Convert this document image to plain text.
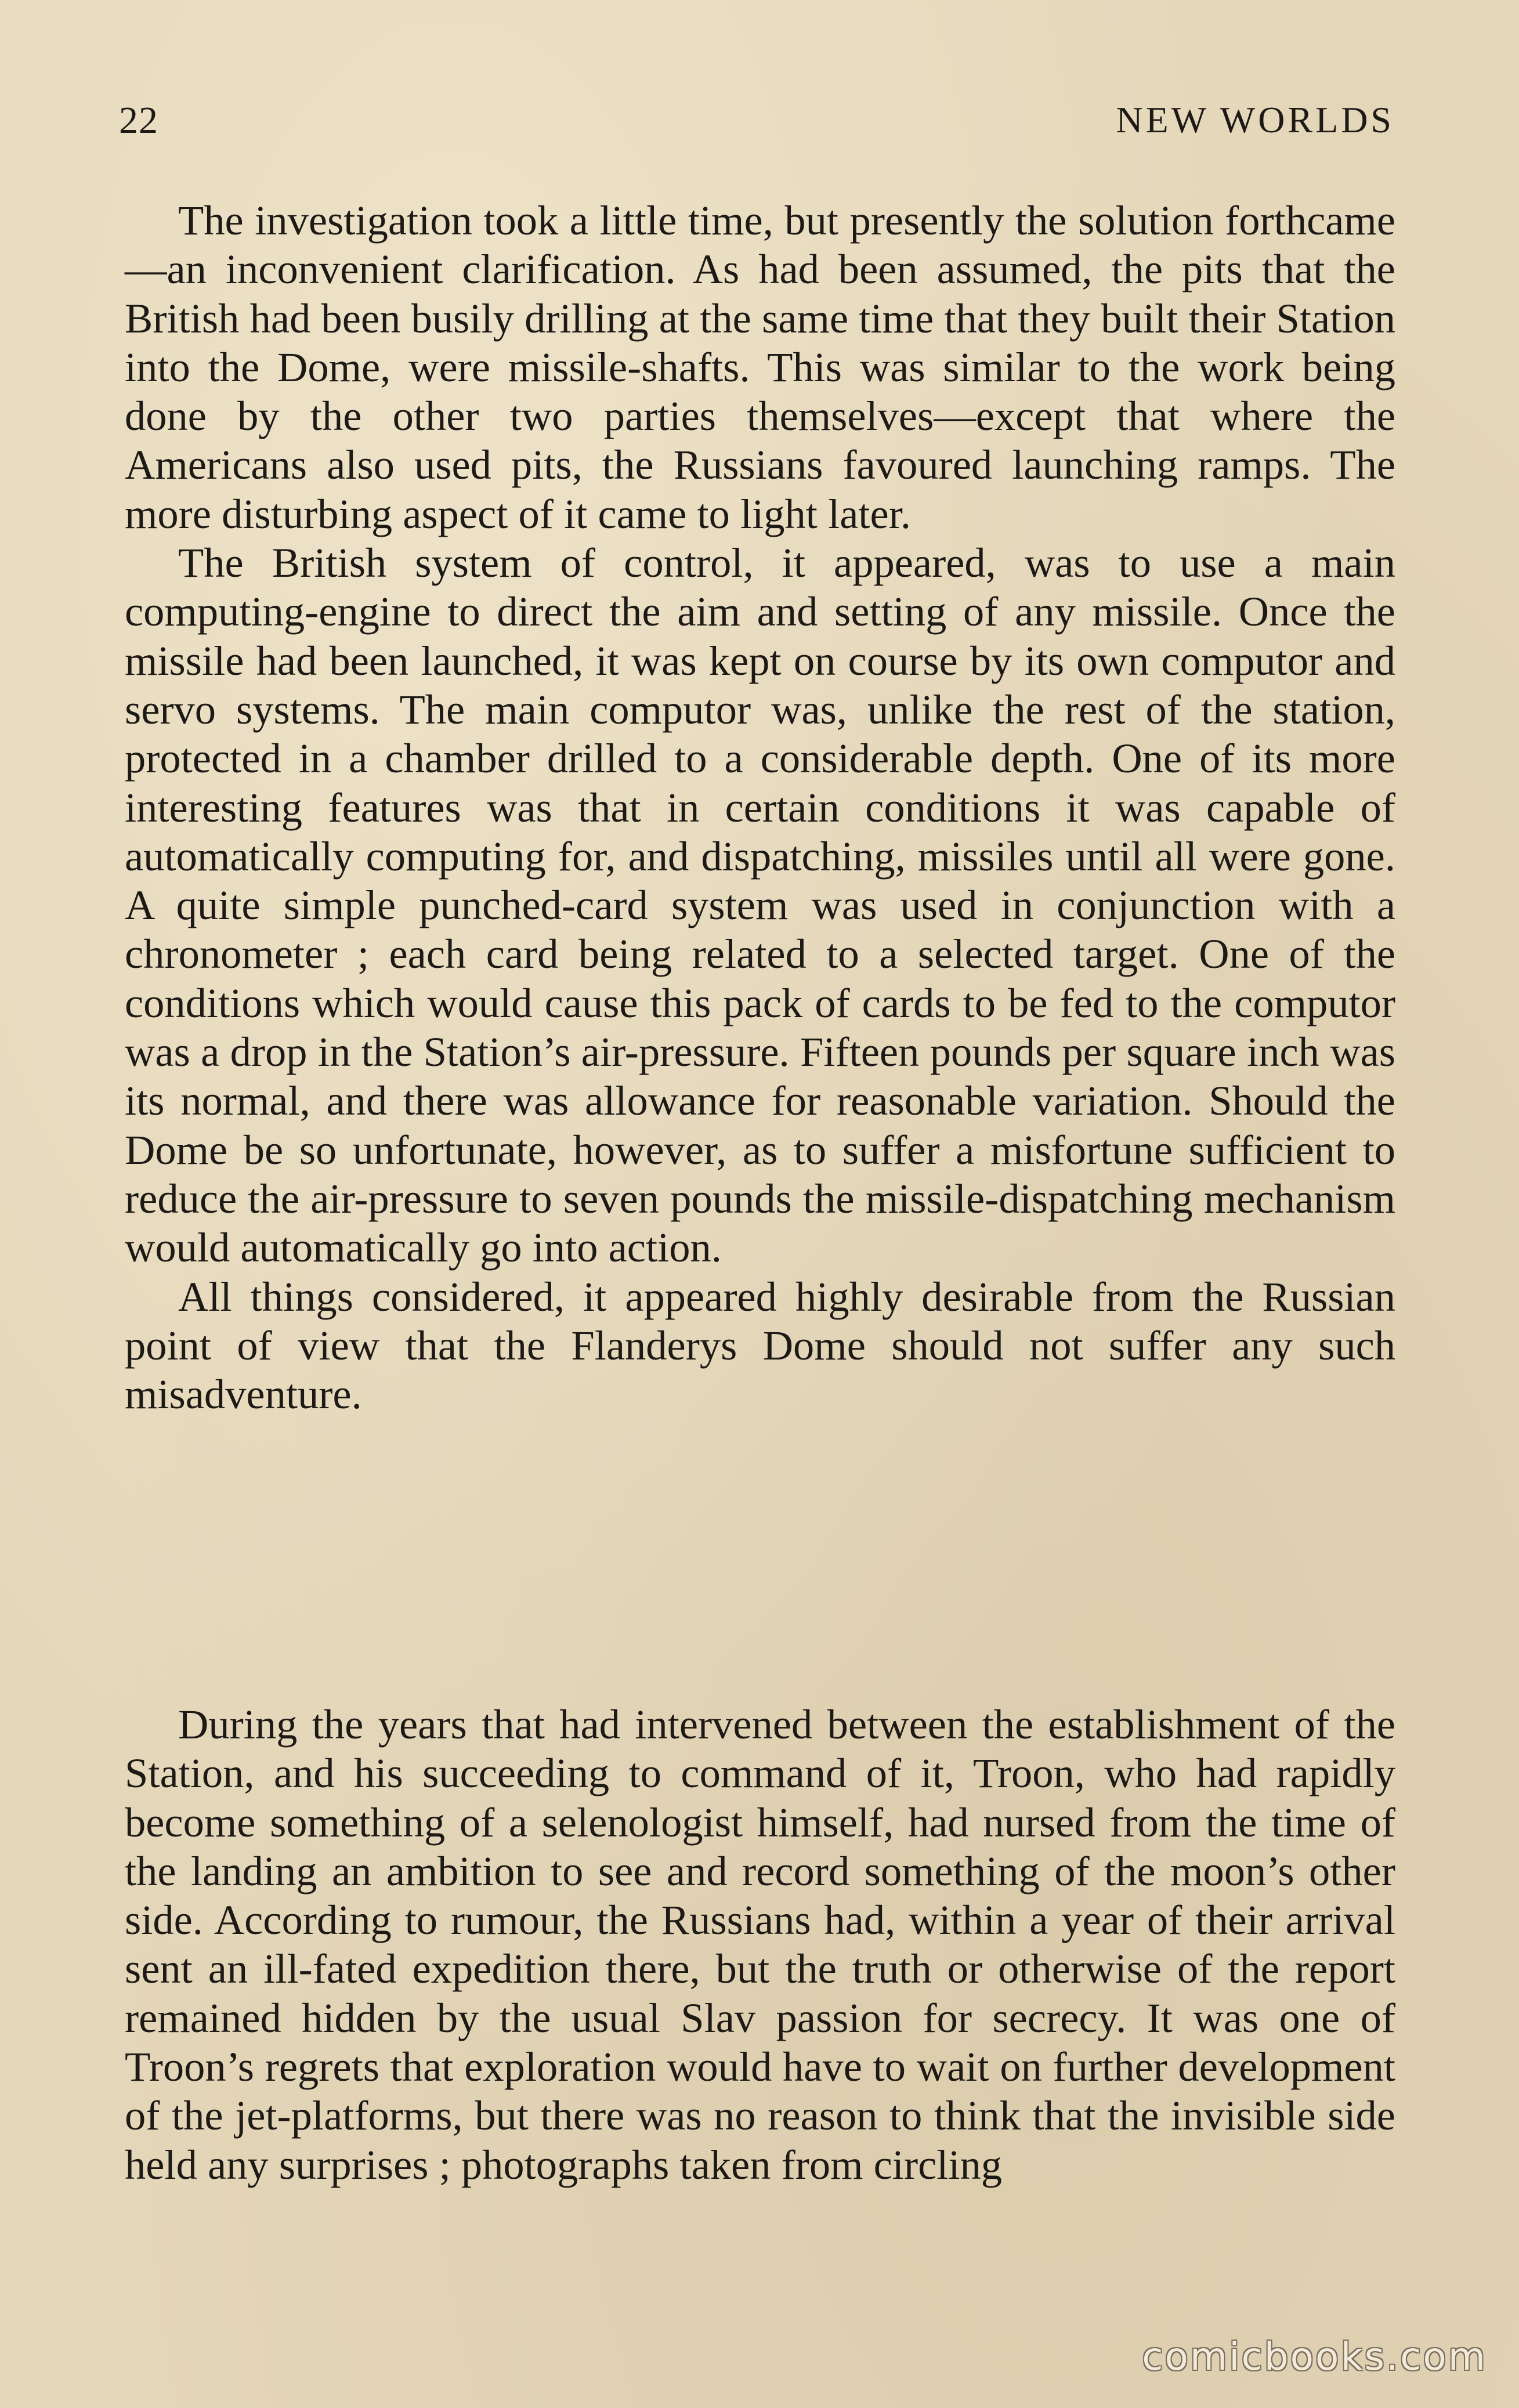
22	NEW WORLDS

The investigation took a little time, but presently the solution forthcame—an inconvenient clarification. As had been assumed, the pits that the British had been busily drilling at the same time that they built their Station into the Dome, were missile-shafts. This was similar to the work being done by the other two parties themselves—except that where the Americans also used pits, the Russians favoured launching ramps. The more disturbing aspect of it came to light later.

The British system of control, it appeared, was to use a main computing-engine to direct the aim and setting of any missile. Once the missile had been launched, it was kept on course by its own computor and servo systems. The main computor was, unlike the rest of the station, protected in a chamber drilled to a considerable depth. One of its more interesting features was that in certain conditions it was capable of automatically computing for, and dispatching, missiles until all were gone. A quite simple punched-card system was used in conjunction with a chronometer ; each card being related to a selected target. One of the conditions which would cause this pack of cards to be fed to the computor was a drop in the Station’s air-pressure. Fifteen pounds per square inch was its normal, and there was allowance for reasonable variation. Should the Dome be so unfortunate, however, as to suffer a misfortune sufficient to reduce the air-pressure to seven pounds the missile-dispatching mechanism would automatically go into action.

All things considered, it appeared highly desirable from the Russian point of view that the Flanderys Dome should not suffer any such misadventure.

During the years that had intervened between the establishment of the Station, and his succeeding to command of it, Troon, who had rapidly become something of a selenologist himself, had nursed from the time of the landing an ambition to see and record something of the moon’s other side. According to rumour, the Russians had, within a year of their arrival sent an ill-fated expedition there, but the truth or otherwise of the report remained hidden by the usual Slav passion for secrecy. It was one of Troon’s regrets that exploration would have to wait on further development of the jet-platforms, but there was no reason to think that the invisible side held any surprises ; photographs taken from circling

comicbooks.com
